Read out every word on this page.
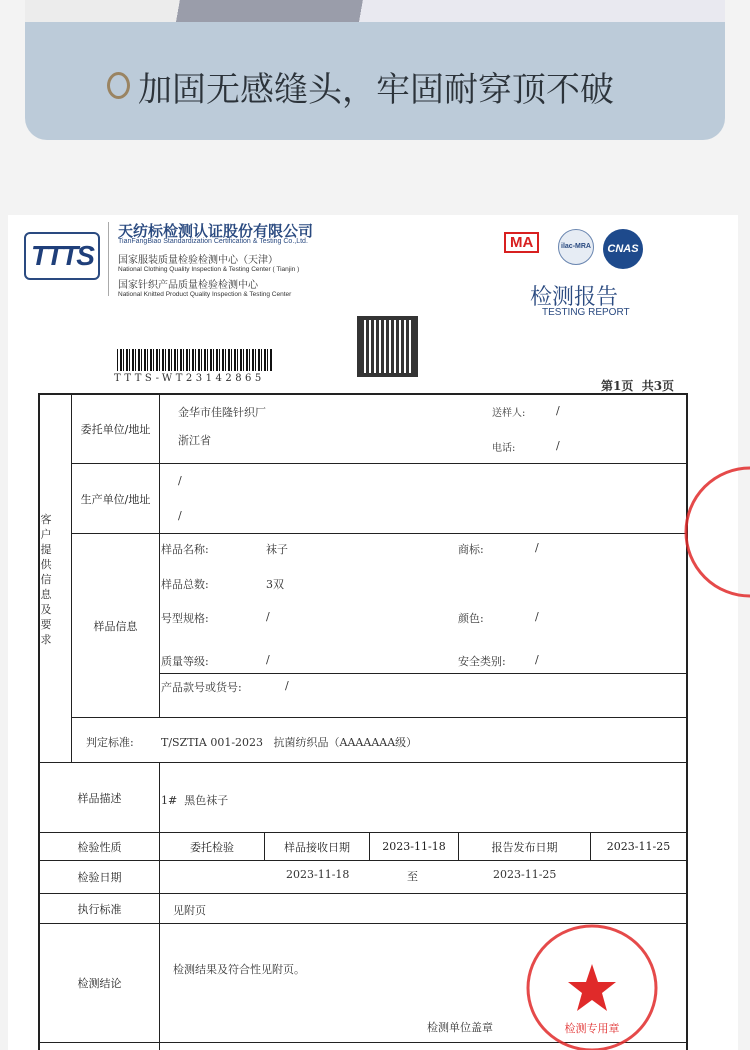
加固无感缝头，牢固耐穿顶不破
TTTS
天纺标检测认证股份有限公司
TianFangBiao Standardization Certification & Testing Co.,Ltd.
国家服装质量检验检测中心（天津）
National Clothing Quality Inspection & Testing Center ( Tianjin )
国家针织产品质量检验检测中心
National Knitted Product Quality Inspection & Testing Center
MA	ilac-MRA	CNAS
检测报告
TESTING REPORT
TTTS-WT23142865
第1页  共3页
客户提供信息及要求
委托单位/地址
金华市佳隆针织厂
浙江省
送样人:	/
电话:	/
生产单位/地址
/
/
样品信息
样品名称:	袜子	商标:	/
样品总数:	3双
号型规格:	/	颜色:	/
质量等级:	/	安全类别:	/
产品款号或货号:	/
判定标准: T/SZTIA 001-2023   抗菌纺织品（AAAAAAA级）
样品描述	1#  黑色袜子
检验性质	委托检验	样品接收日期	2023-11-18	报告发布日期	2023-11-25
检验日期	2023-11-18	至	2023-11-25
执行标准	见附页
检测结论
检测结果及符合性见附页。
检测单位盖章	检测专用章
